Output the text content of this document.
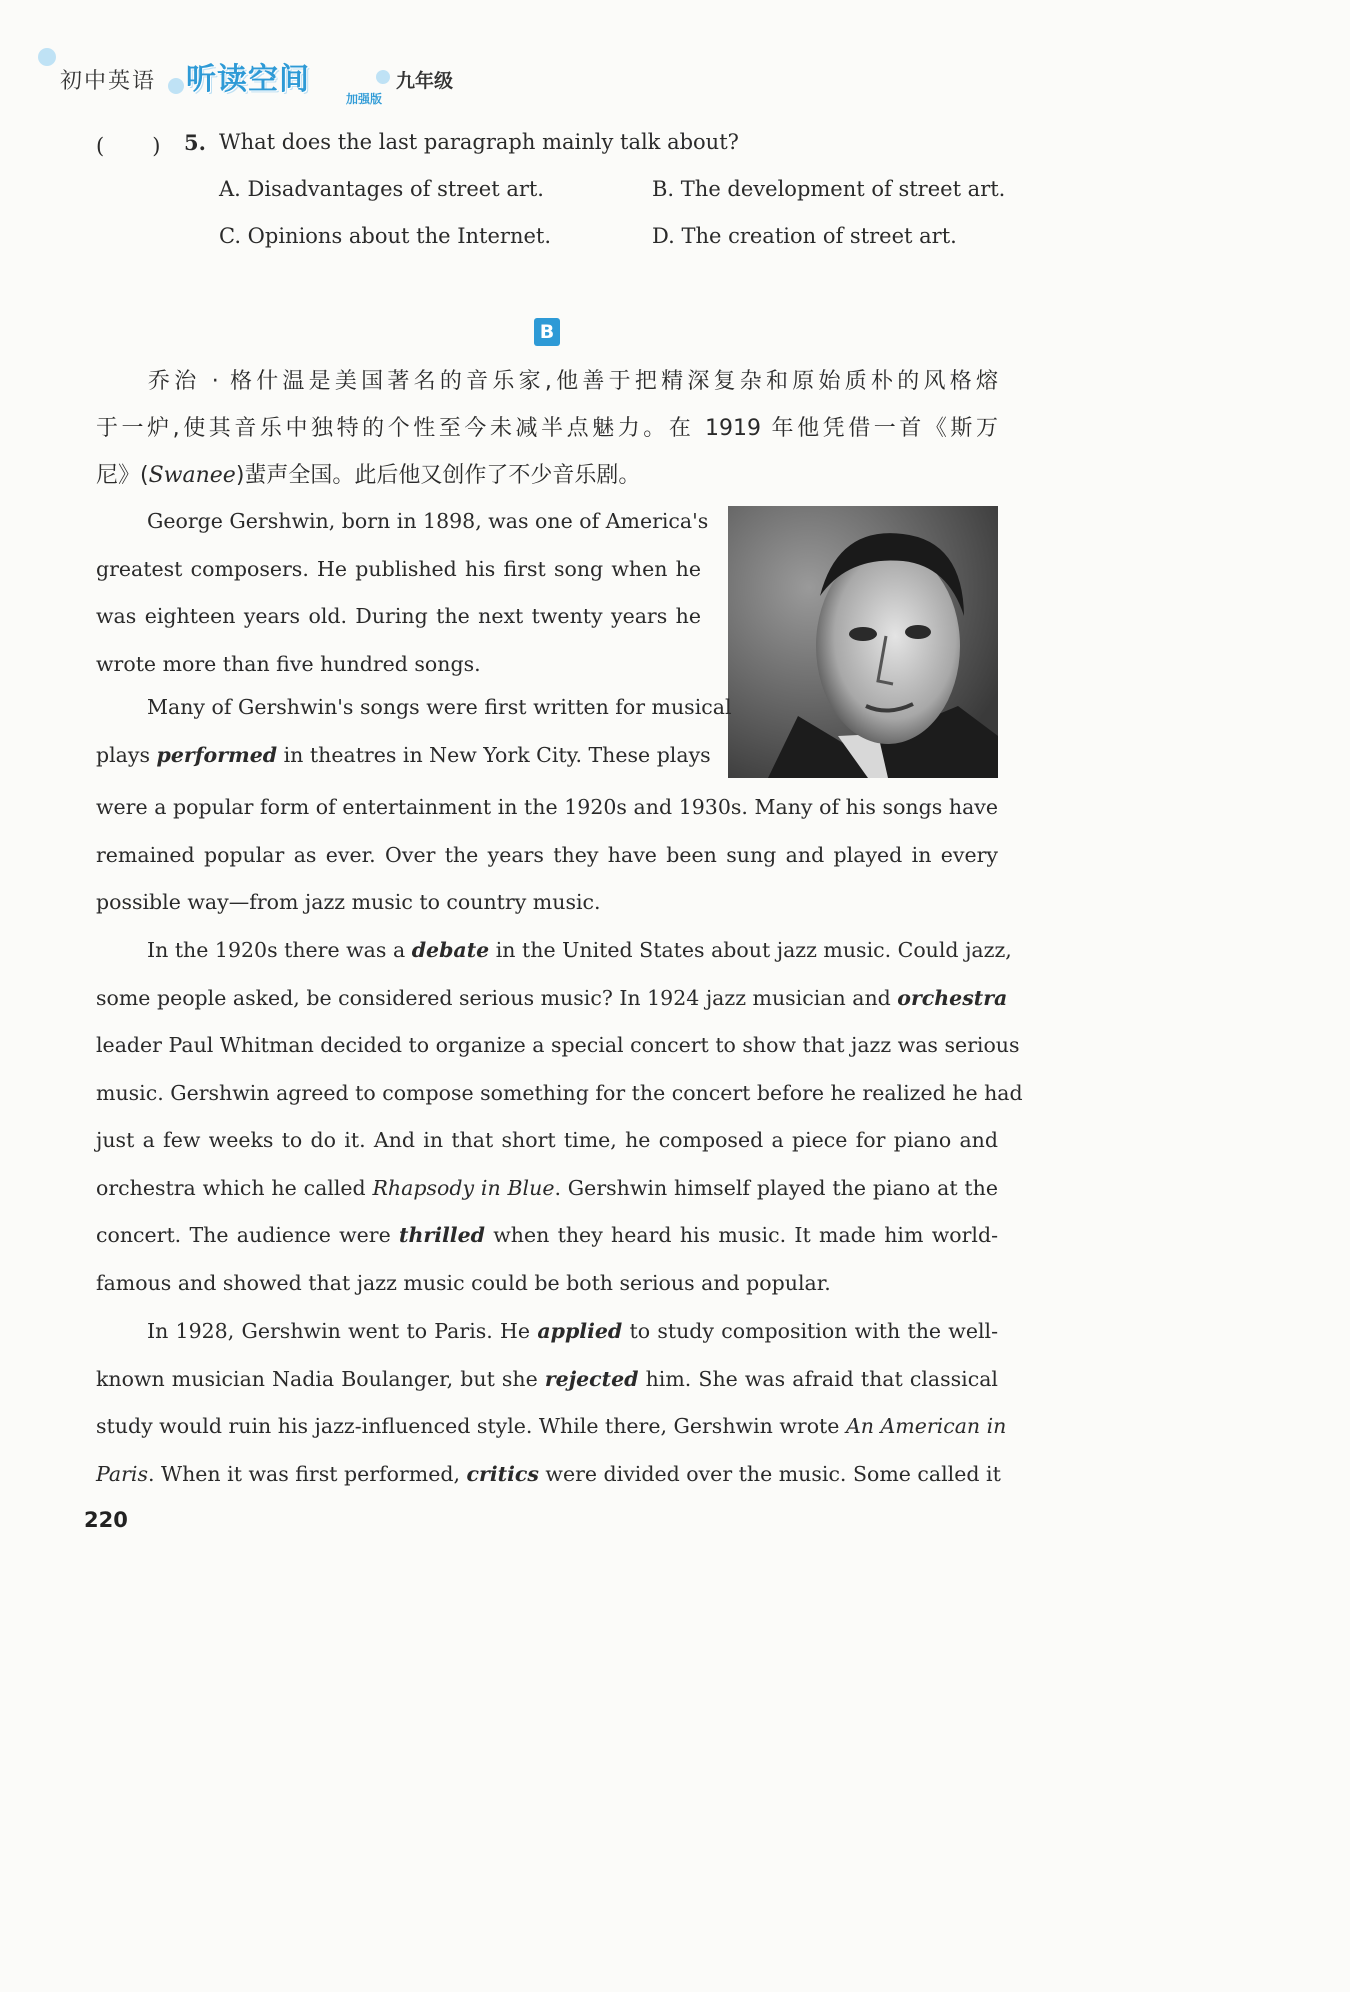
初中英语 听读空间
加强版
九年级
(　　) 5. What does the last paragraph mainly talk about?
A. Disadvantages of street art.	B. The development of street art.
C. Opinions about the Internet.	D. The creation of street art.
B
乔治 · 格什温是美国著名的音乐家,他善于把精深复杂和原始质朴的风格熔
于一炉,使其音乐中独特的个性至今未减半点魅力。在 1919 年他凭借一首《斯万
尼》(Swanee)蜚声全国。此后他又创作了不少音乐剧。
George Gershwin, born in 1898, was one of America's
greatest composers. He published his first song when he
was eighteen years old. During the next twenty years he
wrote more than five hundred songs.
Many of Gershwin's songs were first written for musical
plays performed in theatres in New York City. These plays
were a popular form of entertainment in the 1920s and 1930s. Many of his songs have
remained popular as ever. Over the years they have been sung and played in every
possible way—from jazz music to country music.
In the 1920s there was a debate in the United States about jazz music. Could jazz,
some people asked, be considered serious music? In 1924 jazz musician and orchestra
leader Paul Whitman decided to organize a special concert to show that jazz was serious
music. Gershwin agreed to compose something for the concert before he realized he had
just a few weeks to do it. And in that short time, he composed a piece for piano and
orchestra which he called Rhapsody in Blue. Gershwin himself played the piano at the
concert. The audience were thrilled when they heard his music. It made him world-
famous and showed that jazz music could be both serious and popular.
In 1928, Gershwin went to Paris. He applied to study composition with the well-
known musician Nadia Boulanger, but she rejected him. She was afraid that classical
study would ruin his jazz-influenced style. While there, Gershwin wrote An American in
Paris. When it was first performed, critics were divided over the music. Some called it
220
